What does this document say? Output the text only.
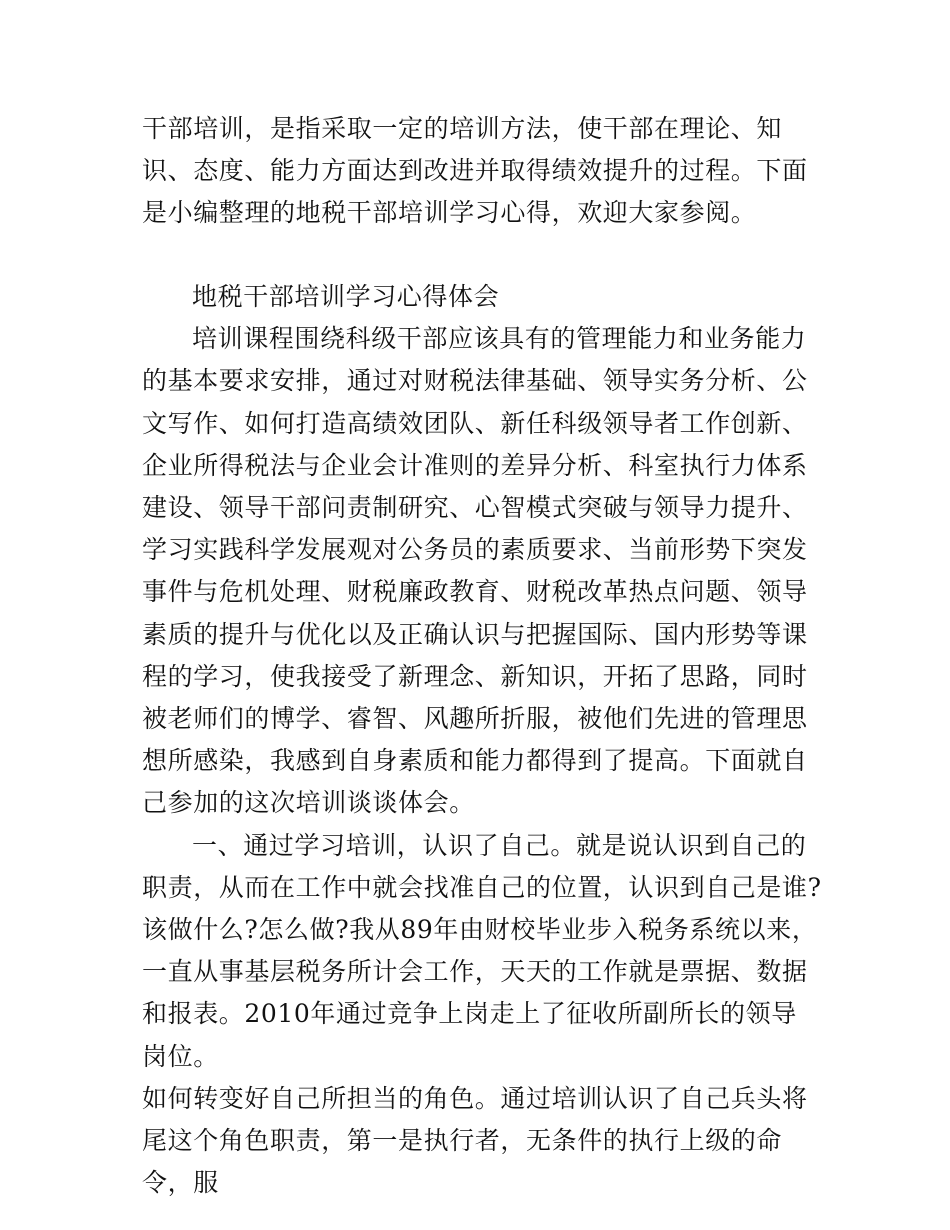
干部培训，是指采取一定的培训方法，使干部在理论、知识、态度、能力方面达到改进并取得绩效提升的过程。下面是小编整理的地税干部培训学习心得，欢迎大家参阅。

地税干部培训学习心得体会

培训课程围绕科级干部应该具有的管理能力和业务能力的基本要求安排，通过对财税法律基础、领导实务分析、公文写作、如何打造高绩效团队、新任科级领导者工作创新、企业所得税法与企业会计准则的差异分析、科室执行力体系建设、领导干部问责制研究、心智模式突破与领导力提升、学习实践科学发展观对公务员的素质要求、当前形势下突发事件与危机处理、财税廉政教育、财税改革热点问题、领导素质的提升与优化以及正确认识与把握国际、国内形势等课程的学习，使我接受了新理念、新知识，开拓了思路，同时被老师们的博学、睿智、风趣所折服，被他们先进的管理思想所感染，我感到自身素质和能力都得到了提高。下面就自己参加的这次培训谈谈体会。

一、通过学习培训，认识了自己。就是说认识到自己的职责，从而在工作中就会找准自己的位置，认识到自己是谁?该做什么?怎么做?我从89年由财校毕业步入税务系统以来，一直从事基层税务所计会工作，天天的工作就是票据、数据和报表。2010年通过竞争上岗走上了征收所副所长的领导岗位。

如何转变好自己所担当的角色。通过培训认识了自己兵头将尾这个角色职责，第一是执行者，无条件的执行上级的命令，服
